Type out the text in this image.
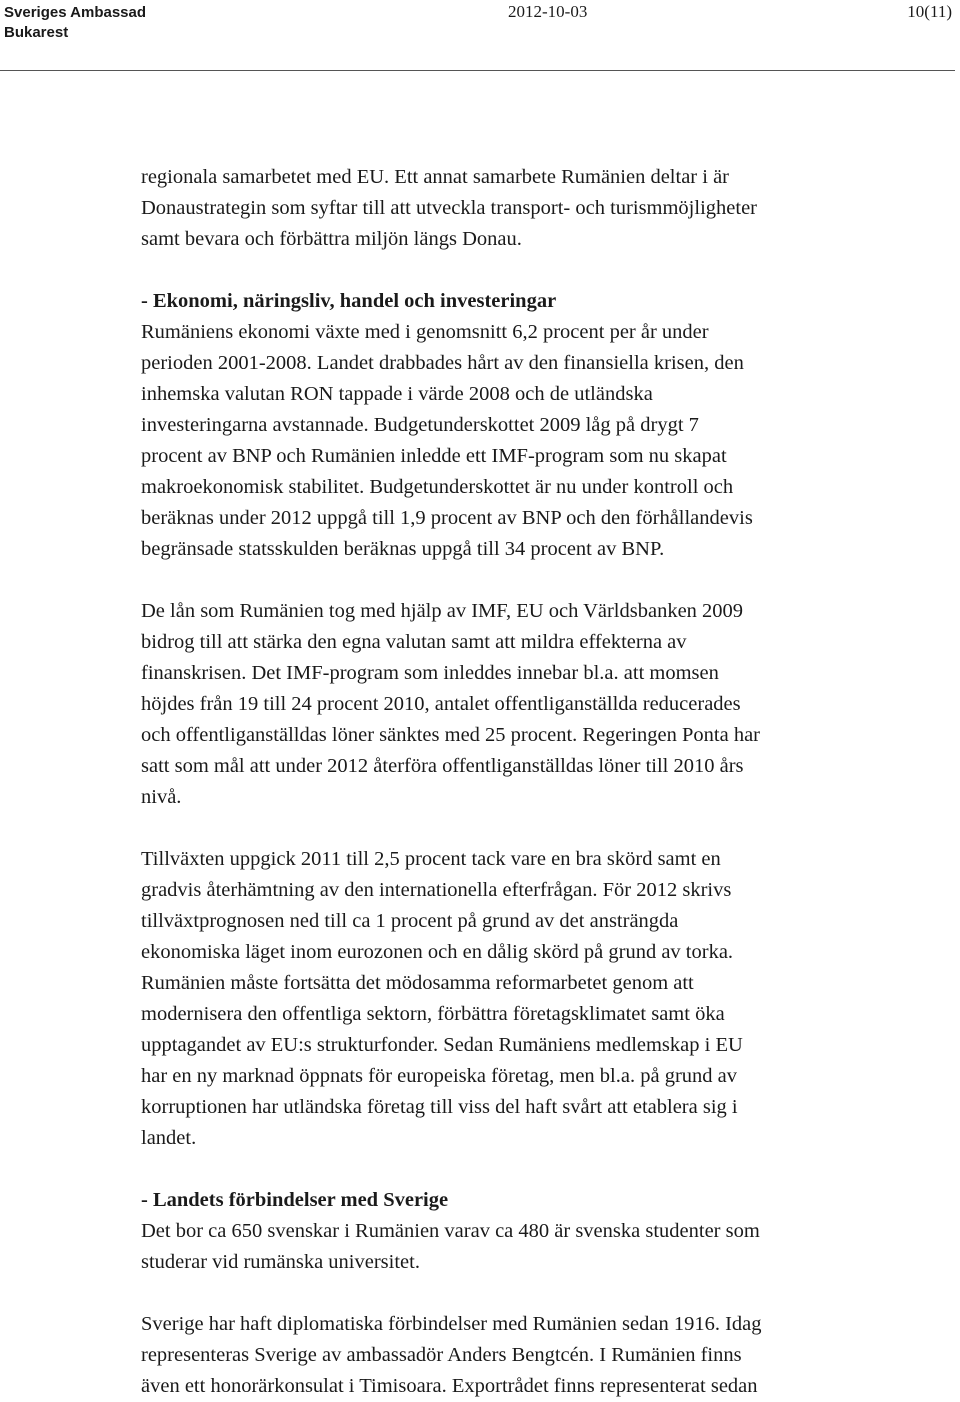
Sveriges Ambassad
Bukarest
2012-10-03	10(11)
regionala samarbetet med EU. Ett annat samarbete Rumänien deltar i är
Donaustrategin som syftar till att utveckla transport- och turismmöjligheter
samt bevara och förbättra miljön längs Donau.
- Ekonomi, näringsliv, handel och investeringar
Rumäniens ekonomi växte med i genomsnitt 6,2 procent per år under
perioden 2001-2008. Landet drabbades hårt av den finansiella krisen, den
inhemska valutan RON tappade i värde 2008 och de utländska
investeringarna avstannade. Budgetunderskottet 2009 låg på drygt 7
procent av BNP och Rumänien inledde ett IMF-program som nu skapat
makroekonomisk stabilitet. Budgetunderskottet är nu under kontroll och
beräknas under 2012 uppgå till 1,9 procent av BNP och den förhållandevis
begränsade statsskulden beräknas uppgå till 34 procent av BNP.
De lån som Rumänien tog med hjälp av IMF, EU och Världsbanken 2009
bidrog till att stärka den egna valutan samt att mildra effekterna av
finanskrisen. Det IMF-program som inleddes innebar bl.a. att momsen
höjdes från 19 till 24 procent 2010, antalet offentliganställda reducerades
och offentliganställdas löner sänktes med 25 procent. Regeringen Ponta har
satt som mål att under 2012 återföra offentliganställdas löner till 2010 års
nivå.
Tillväxten uppgick 2011 till 2,5 procent tack vare en bra skörd samt en
gradvis återhämtning av den internationella efterfrågan. För 2012 skrivs
tillväxtprognosen ned till ca 1 procent på grund av det ansträngda
ekonomiska läget inom eurozonen och en dålig skörd på grund av torka.
Rumänien måste fortsätta det mödosamma reformarbetet genom att
modernisera den offentliga sektorn, förbättra företagsklimatet samt öka
upptagandet av EU:s strukturfonder. Sedan Rumäniens medlemskap i EU
har en ny marknad öppnats för europeiska företag, men bl.a. på grund av
korruptionen har utländska företag till viss del haft svårt att etablera sig i
landet.
- Landets förbindelser med Sverige
Det bor ca 650 svenskar i Rumänien varav ca 480 är svenska studenter som
studerar vid rumänska universitet.
Sverige har haft diplomatiska förbindelser med Rumänien sedan 1916. Idag
representeras Sverige av ambassadör Anders Bengtcén. I Rumänien finns
även ett honorärkonsulat i Timisoara. Exportrådet finns representerat sedan
